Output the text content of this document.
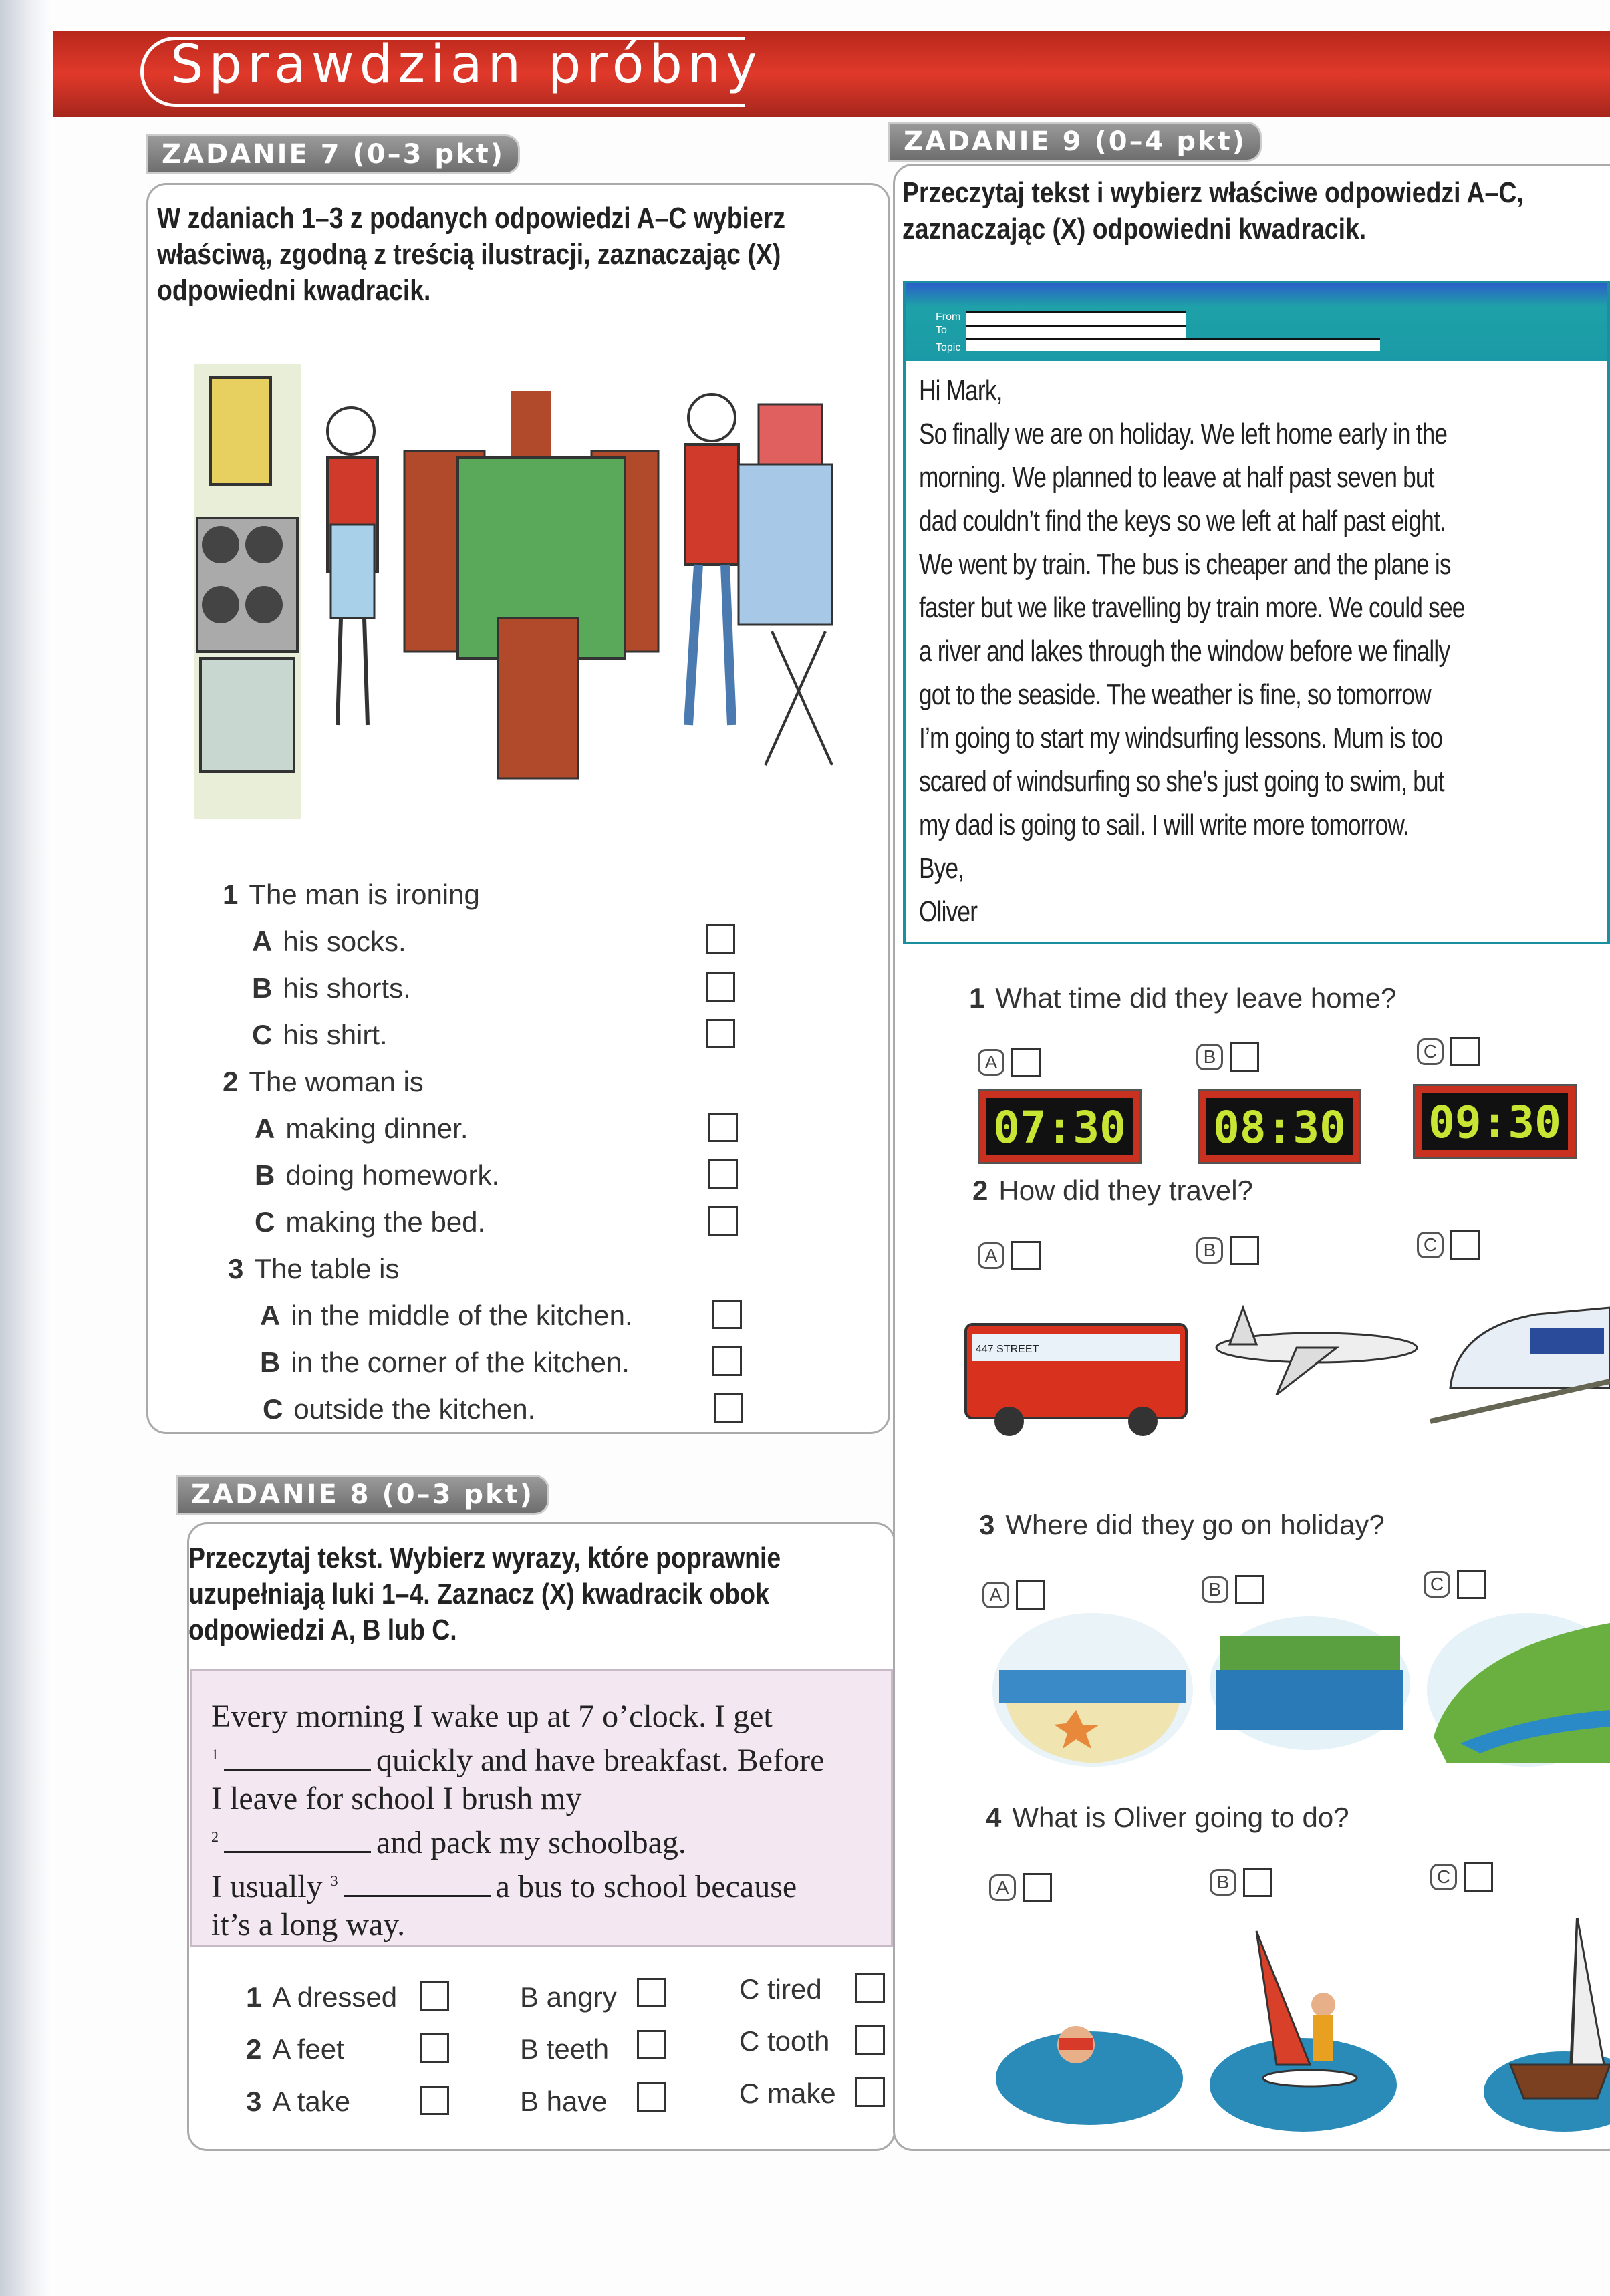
Sprawdzian próbny
ZADANIE 7 (0–3 pkt)
W zdaniach 1–3 z podanych odpowiedzi A–C wybierz właściwą, zgodną z treścią ilustracji, zaznaczając (X) odpowiedni kwadracik.
1 The man is ironing
A his socks.
B his shorts.
C his shirt.
2 The woman is
A making dinner.
B doing homework.
C making the bed.
3 The table is
A in the middle of the kitchen.
B in the corner of the kitchen.
C outside the kitchen.
ZADANIE 8 (0–3 pkt)
Przeczytaj tekst. Wybierz wyrazy, które poprawnie uzupełniają luki 1–4. Zaznacz (X) kwadracik obok odpowiedzi A, B lub C.
Every morning I wake up at 7 o’clock. I get
$^1$	quickly and have breakfast. Before
I leave for school I brush my
$^2$	and pack my schoolbag.
I usually $^3$	a bus to school because
it’s a long way.
1 A dressed	B angry	C tired
2 A feet	B teeth	C tooth
3 A take	B have	C make
ZADANIE 9 (0–4 pkt)
Przeczytaj tekst i wybierz właściwe odpowiedzi A–C, zaznaczając (X) odpowiedni kwadracik.
From
To
Topic
Hi Mark,
So finally we are on holiday. We left home early in the
morning. We planned to leave at half past seven but
dad couldn’t find the keys so we left at half past eight.
We went by train. The bus is cheaper and the plane is
faster but we like travelling by train more. We could see
a river and lakes through the window before we finally
got to the seaside. The weather is fine, so tomorrow
I’m going to start my windsurfing lessons. Mum is too
scared of windsurfing so she’s just going to swim, but
my dad is going to sail. I will write more tomorrow.
Bye,
Oliver
1 What time did they leave home?
2 How did they travel?
3 Where did they go on holiday?
4 What is Oliver going to do?
A	B	C
A	B	C
A	B	C
A	B	C
07:30 08:30 09:30
447 STREET
